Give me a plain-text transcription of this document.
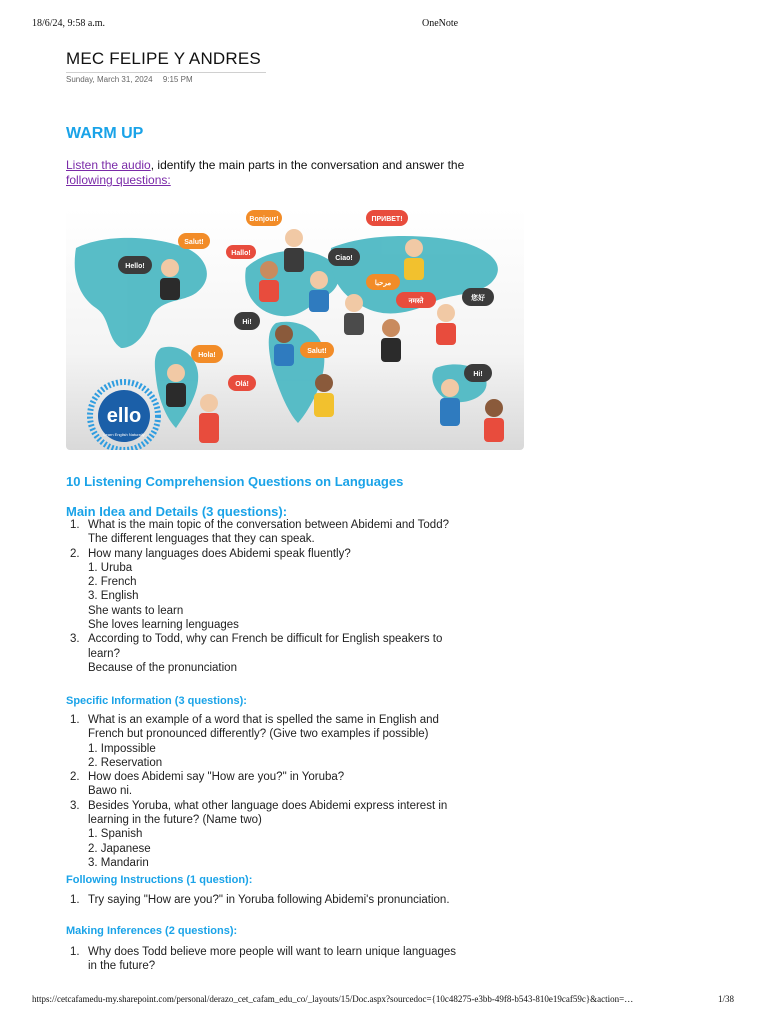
18/6/24, 9:58 a.m.	OneNote
MEC FELIPE Y ANDRES
Sunday, March 31, 2024 9:15 PM
WARM UP
Listen the audio, identify the main parts in the conversation and answer the following questions:
Bonjour!	ПРИВЕТ!
Salut!
Hello!
Hallo!
Ciao!
مرحبا
नमस्ते	您好
Hi!
Salut!
Hola!
Olá!
Hi!
ello
Learn English Naturally
10 Listening Comprehension Questions on Languages
Main Idea and Details (3 questions):
1. What is the main topic of the conversation between Abidemi and Todd?
The different lenguages that they can speak.
2. How many languages does Abidemi speak fluently?
1. Uruba
2. French
3. English
She wants to learn
She loves learning lenguages
3. According to Todd, why can French be difficult for English speakers to learn?
Because of the pronunciation
Specific Information (3 questions):
1. What is an example of a word that is spelled the same in English and French but pronounced differently? (Give two examples if possible)
1. Impossible
2. Reservation
2. How does Abidemi say "How are you?" in Yoruba?
Bawo ni.
3. Besides Yoruba, what other language does Abidemi express interest in learning in the future? (Name two)
1. Spanish
2. Japanese
3. Mandarin
Following Instructions (1 question):
1. Try saying "How are you?" in Yoruba following Abidemi's pronunciation.
Making Inferences (2 questions):
1. Why does Todd believe more people will want to learn unique languages in the future?
https://cetcafamedu-my.sharepoint.com/personal/derazo_cet_cafam_edu_co/_layouts/15/Doc.aspx?sourcedoc={10c48275-e3bb-49f8-b543-810e19caf59c}&action=…	1/38
